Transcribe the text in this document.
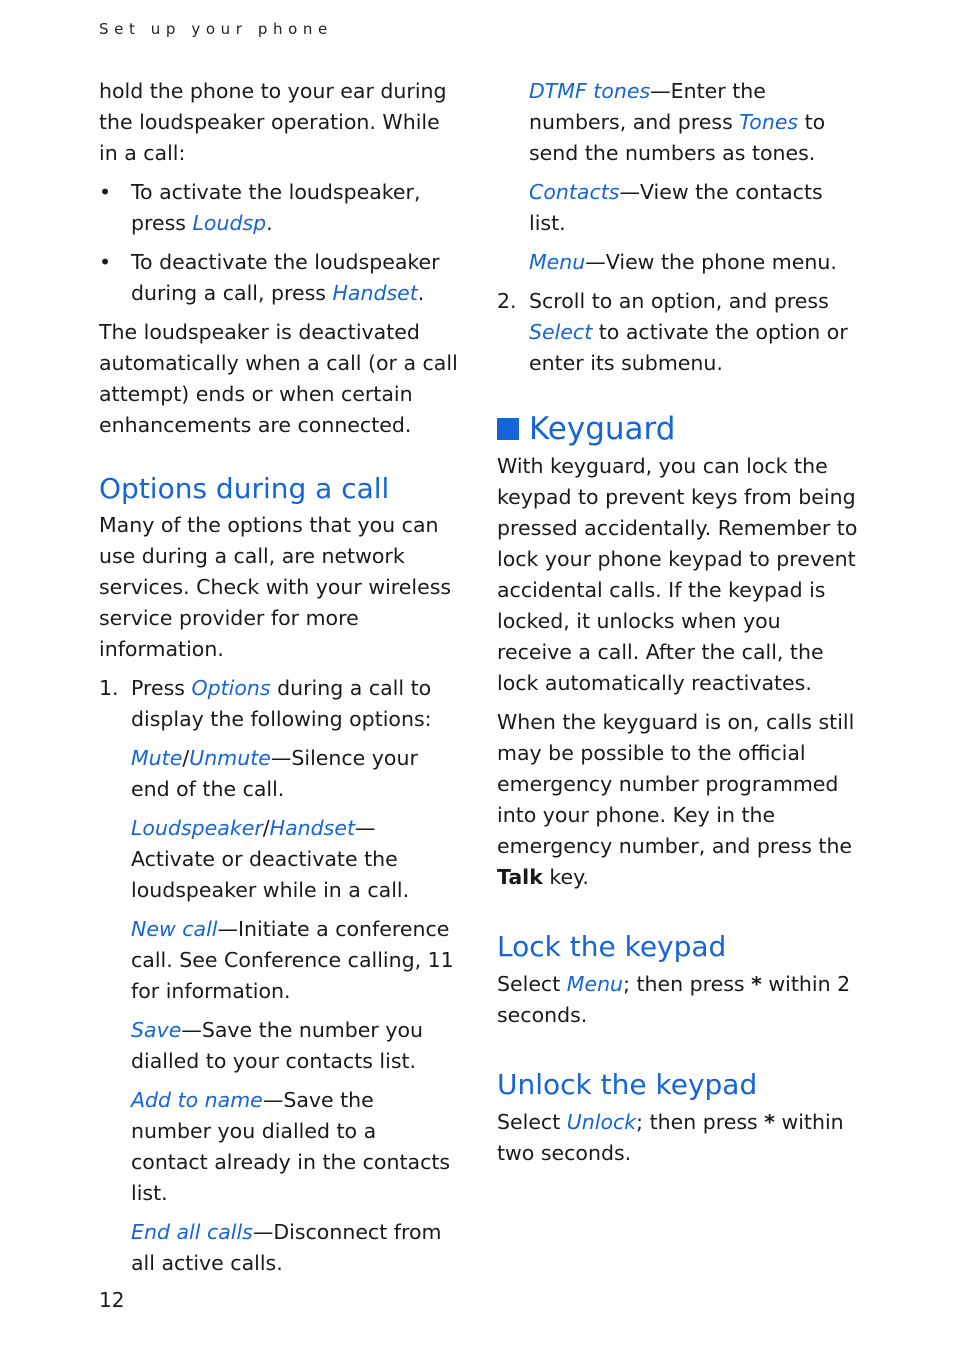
Set up your phone

hold the phone to your ear during the loudspeaker operation. While in a call:

• To activate the loudspeaker, press Loudsp.
• To deactivate the loudspeaker during a call, press Handset.

The loudspeaker is deactivated automatically when a call (or a call attempt) ends or when certain enhancements are connected.

Options during a call

Many of the options that you can use during a call, are network services. Check with your wireless service provider for more information.

1. Press Options during a call to display the following options:
Mute/Unmute—Silence your end of the call.
Loudspeaker/Handset—Activate or deactivate the loudspeaker while in a call.
New call—Initiate a conference call. See Conference calling, 11 for information.
Save—Save the number you dialled to your contacts list.
Add to name—Save the number you dialled to a contact already in the contacts list.
End all calls—Disconnect from all active calls.
DTMF tones—Enter the numbers, and press Tones to send the numbers as tones.
Contacts—View the contacts list.
Menu—View the phone menu.
2. Scroll to an option, and press Select to activate the option or enter its submenu.
Keyguard

With keyguard, you can lock the keypad to prevent keys from being pressed accidentally. Remember to lock your phone keypad to prevent accidental calls. If the keypad is locked, it unlocks when you receive a call. After the call, the lock automatically reactivates.

When the keyguard is on, calls still may be possible to the official emergency number programmed into your phone. Key in the emergency number, and press the Talk key.

Lock the keypad

Select Menu; then press * within 2 seconds.

Unlock the keypad

Select Unlock; then press * within two seconds.

12
